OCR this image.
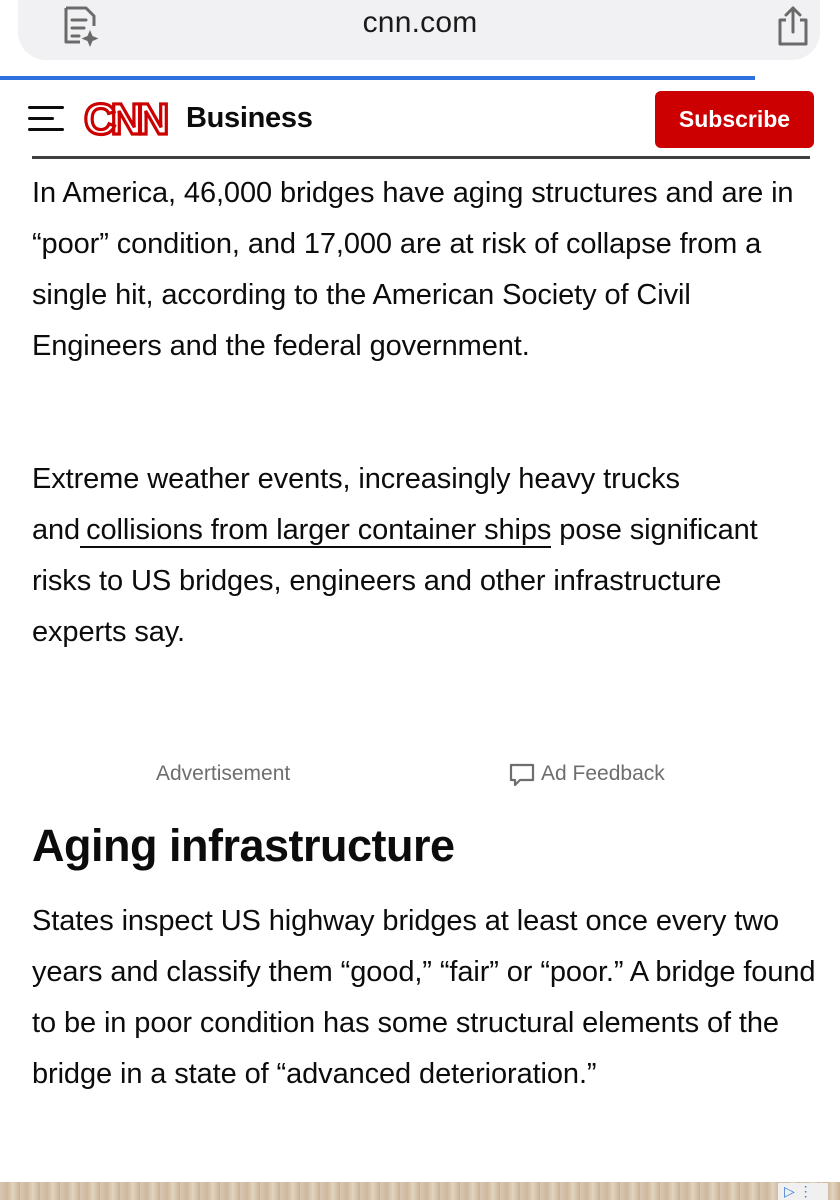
cnn.com
CNN Business	Subscribe

In America, 46,000 bridges have aging structures and are in “poor” condition, and 17,000 are at risk of collapse from a single hit, according to the American Society of Civil Engineers and the federal government.

Extreme weather events, increasingly heavy trucks and collisions from larger container ships pose significant risks to US bridges, engineers and other infrastructure experts say.

Advertisement	Ad Feedback
Aging infrastructure

States inspect US highway bridges at least once every two years and classify them “good,” “fair” or “poor.” A bridge found to be in poor condition has some structural elements of the bridge in a state of “advanced deterioration.”

▷ ⋮
